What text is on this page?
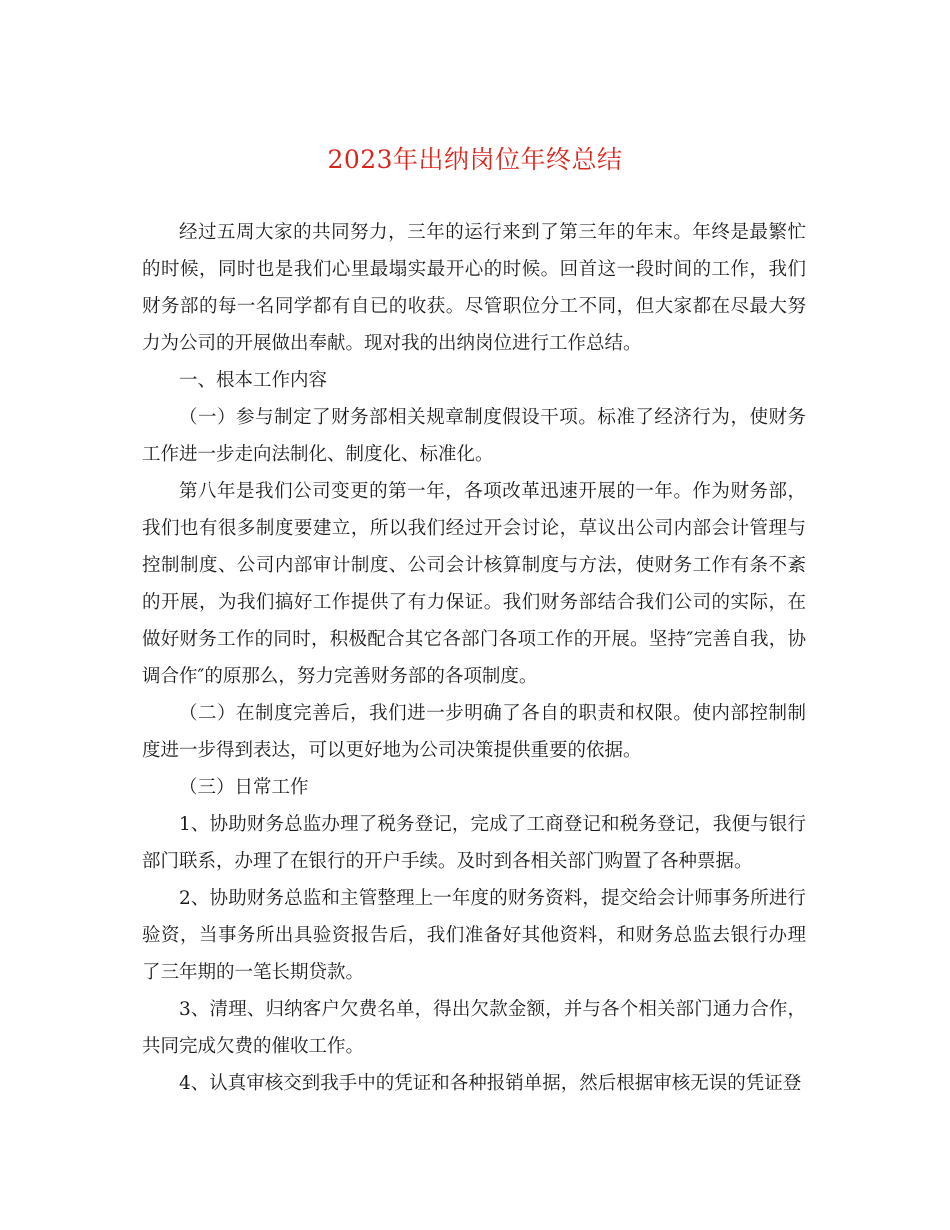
2023年出纳岗位年终总结

经过五周大家的共同努力，三年的运行来到了第三年的年末。年终是最繁忙的时候，同时也是我们心里最塌实最开心的时候。回首这一段时间的工作，我们财务部的每一名同学都有自已的收获。尽管职位分工不同，但大家都在尽最大努力为公司的开展做出奉献。现对我的出纳岗位进行工作总结。

一、根本工作内容

（一）参与制定了财务部相关规章制度假设干项。标准了经济行为，使财务工作进一步走向法制化、制度化、标准化。

第八年是我们公司变更的第一年，各项改革迅速开展的一年。作为财务部，我们也有很多制度要建立，所以我们经过开会讨论，草议出公司内部会计管理与控制制度、公司内部审计制度、公司会计核算制度与方法，使财务工作有条不紊的开展，为我们搞好工作提供了有力保证。我们财务部结合我们公司的实际，在做好财务工作的同时，积极配合其它各部门各项工作的开展。坚持″完善自我，协调合作″的原那么，努力完善财务部的各项制度。

（二）在制度完善后，我们进一步明确了各自的职责和权限。使内部控制制度进一步得到表达，可以更好地为公司决策提供重要的依据。

（三）日常工作

1、协助财务总监办理了税务登记，完成了工商登记和税务登记，我便与银行部门联系，办理了在银行的开户手续。及时到各相关部门购置了各种票据。

2、协助财务总监和主管整理上一年度的财务资料，提交给会计师事务所进行验资，当事务所出具验资报告后，我们准备好其他资料，和财务总监去银行办理了三年期的一笔长期贷款。

3、清理、归纳客户欠费名单，得出欠款金额，并与各个相关部门通力合作，共同完成欠费的催收工作。

4、认真审核交到我手中的凭证和各种报销单据，然后根据审核无误的凭证登
